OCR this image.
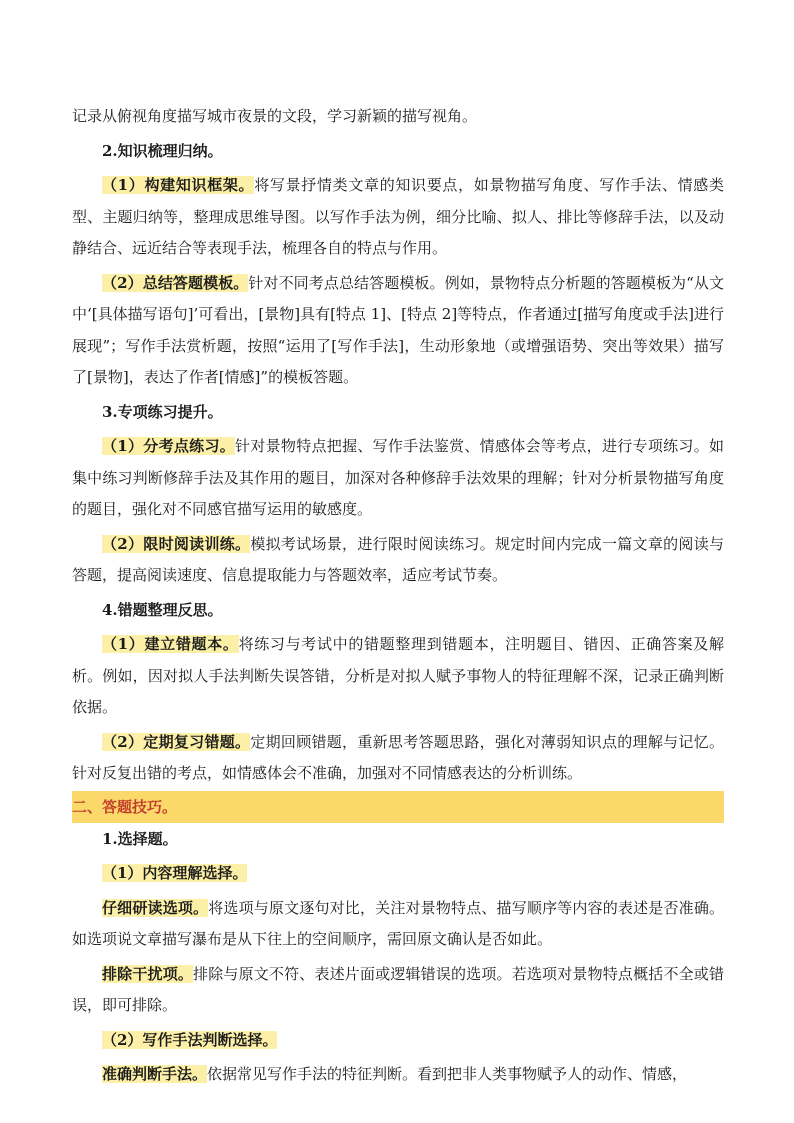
记录从俯视角度描写城市夜景的文段，学习新颖的描写视角。

2.知识梳理归纳。

（1）构建知识框架。将写景抒情类文章的知识要点，如景物描写角度、写作手法、情感类型、主题归纳等，整理成思维导图。以写作手法为例，细分比喻、拟人、排比等修辞手法，以及动静结合、远近结合等表现手法，梳理各自的特点与作用。

（2）总结答题模板。针对不同考点总结答题模板。例如，景物特点分析题的答题模板为“从文中‘[具体描写语句]’可看出，[景物]具有[特点 1]、[特点 2]等特点，作者通过[描写角度或手法]进行展现”；写作手法赏析题，按照“运用了[写作手法]，生动形象地（或增强语势、突出等效果）描写了[景物]，表达了作者[情感]”的模板答题。

3.专项练习提升。

（1）分考点练习。针对景物特点把握、写作手法鉴赏、情感体会等考点，进行专项练习。如集中练习判断修辞手法及其作用的题目，加深对各种修辞手法效果的理解；针对分析景物描写角度的题目，强化对不同感官描写运用的敏感度。

（2）限时阅读训练。模拟考试场景，进行限时阅读练习。规定时间内完成一篇文章的阅读与答题，提高阅读速度、信息提取能力与答题效率，适应考试节奏。

4.错题整理反思。

（1）建立错题本。将练习与考试中的错题整理到错题本，注明题目、错因、正确答案及解析。例如，因对拟人手法判断失误答错，分析是对拟人赋予事物人的特征理解不深，记录正确判断依据。

（2）定期复习错题。定期回顾错题，重新思考答题思路，强化对薄弱知识点的理解与记忆。针对反复出错的考点，如情感体会不准确，加强对不同情感表达的分析训练。

二、答题技巧。

1.选择题。

（1）内容理解选择。

仔细研读选项。将选项与原文逐句对比，关注对景物特点、描写顺序等内容的表述是否准确。如选项说文章描写瀑布是从下往上的空间顺序，需回原文确认是否如此。

排除干扰项。排除与原文不符、表述片面或逻辑错误的选项。若选项对景物特点概括不全或错误，即可排除。

（2）写作手法判断选择。

准确判断手法。依据常见写作手法的特征判断。看到把非人类事物赋予人的动作、情感，
